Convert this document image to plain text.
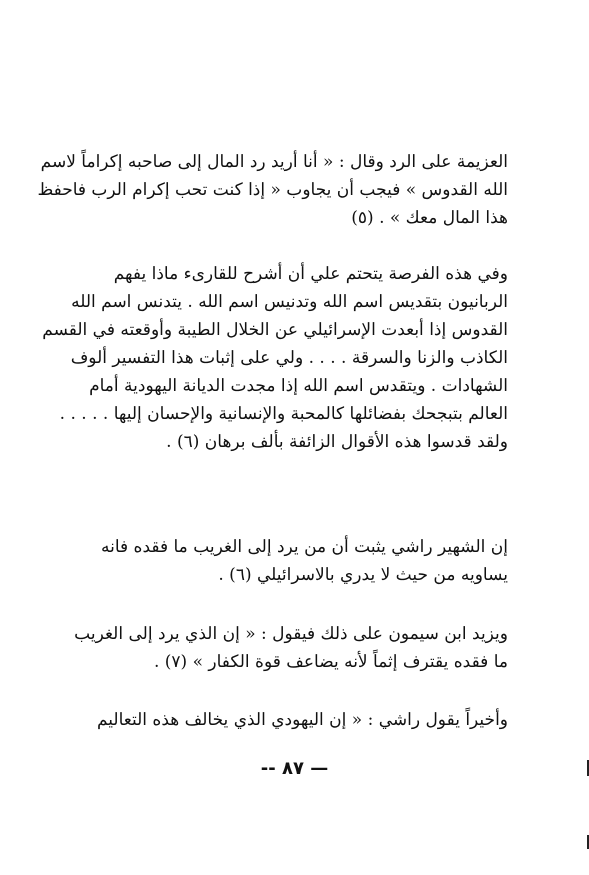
العزيمة على الرد وقال : « أنا أريد رد المال إلى صاحبه إكراماً لاسم
الله القدوس » فيجب أن يجاوب « إذا كنت تحب إكرام الرب فاحفظ
هذا المال معك » . (٥)
وفي هذه الفرصة يتحتم علي أن أشرح للقارىء ماذا يفهم
الربانيون بتقديس اسم الله وتدنيس اسم الله . يتدنس اسم الله
القدوس إذا أبعدت الإسرائيلي عن الخلال الطيبة وأوقعته في القسم
الكاذب والزنا والسرقة . . . . ولي على إثبات هذا التفسير ألوف
الشهادات . ويتقدس اسم الله إذا مجدت الديانة اليهودية أمام
العالم بتبجحك بفضائلها كالمحبة والإنسانية والإحسان إليها . . . . .
ولقد قدسوا هذه الأقوال الزائفة بألف برهان (٦) .
إن الشهير راشي يثبت أن من يرد إلى الغريب ما فقده فانه
يساويه من حيث لا يدري بالاسرائيلي (٦) .
ويزيد ابن سيمون على ذلك فيقول : « إن الذي يرد إلى الغريب
ما فقده يقترف إثماً لأنه يضاعف قوة الكفار » (٧) .
وأخيراً يقول راشي : « إن اليهودي الذي يخالف هذه التعاليم
— ٨٧ --
